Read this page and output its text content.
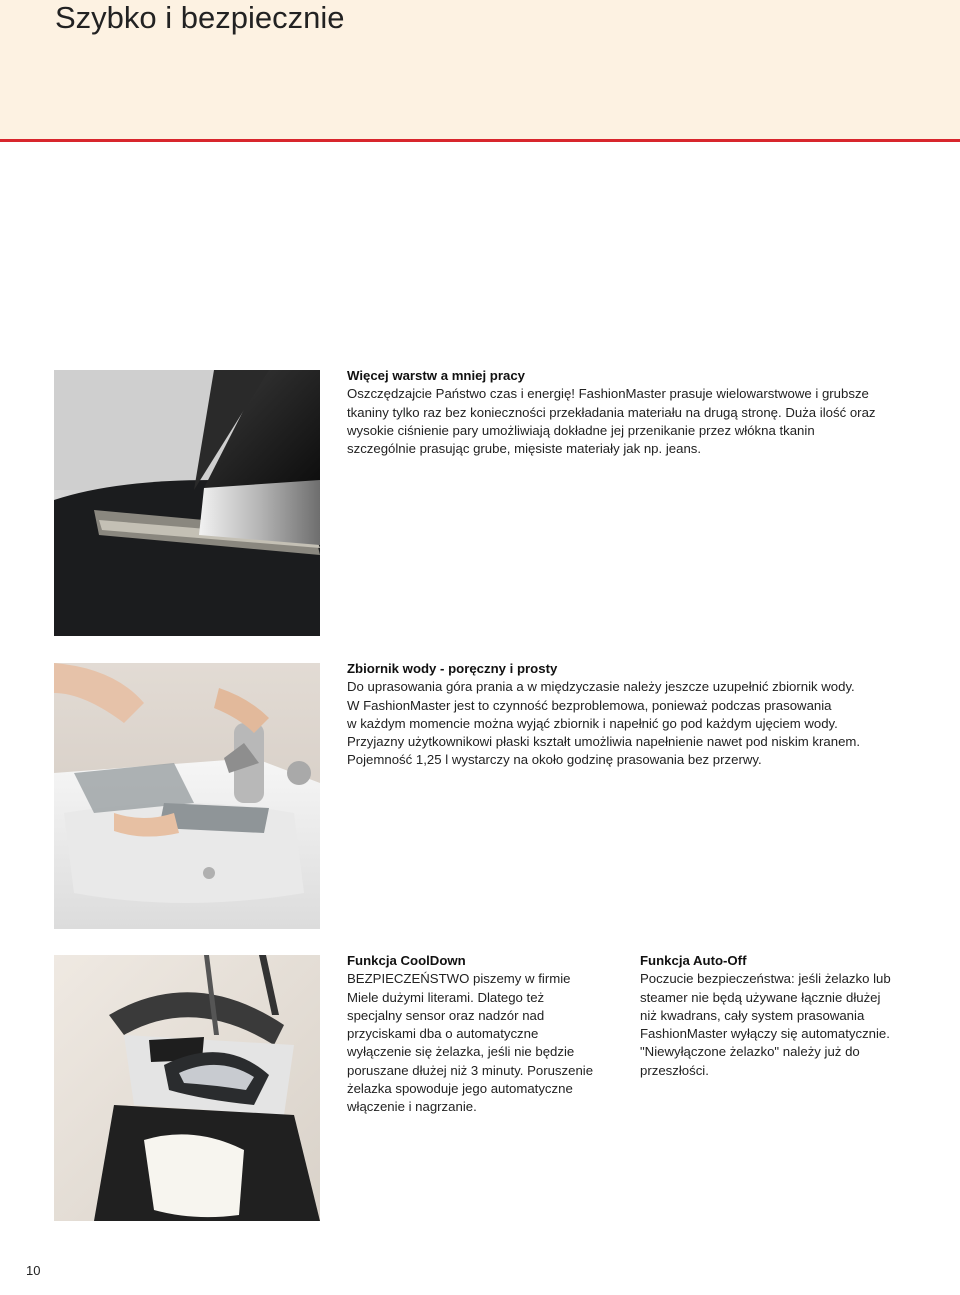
Szybko i bezpiecznie
Więcej warstw a mniej pracy

Oszczędzajcie Państwo czas i energię! FashionMaster prasuje wielowarstwowe i grubsze

tkaniny tylko raz bez konieczności przekładania materiału na drugą stronę. Duża ilość oraz

wysokie ciśnienie pary umożliwiają dokładne jej przenikanie przez włókna tkanin

szczególnie prasując grube, mięsiste materiały jak np. jeans.

Zbiornik wody - poręczny i prosty

Do uprasowania góra prania a w międzyczasie należy jeszcze uzupełnić zbiornik wody.

W FashionMaster jest to czynność bezproblemowa, ponieważ podczas prasowania

w każdym momencie można wyjąć zbiornik i napełnić go pod każdym ujęciem wody.

Przyjazny użytkownikowi płaski kształt umożliwia napełnienie nawet pod niskim kranem.

Pojemność 1,25 l wystarczy na około godzinę prasowania bez przerwy.

Funkcja CoolDown

BEZPIECZEŃSTWO piszemy w firmie

Miele dużymi literami. Dlatego też

specjalny sensor oraz nadzór nad

przyciskami dba o automatyczne

wyłączenie się żelazka, jeśli nie będzie

poruszane dłużej niż 3 minuty. Poruszenie

żelazka spowoduje jego automatyczne

włączenie i nagrzanie.

Funkcja Auto-Off

Poczucie bezpieczeństwa: jeśli żelazko lub

steamer nie będą używane łącznie dłużej

niż kwadrans, cały system prasowania

FashionMaster wyłączy się automatycznie.

"Niewyłączone żelazko" należy już do

przeszłości.

10
